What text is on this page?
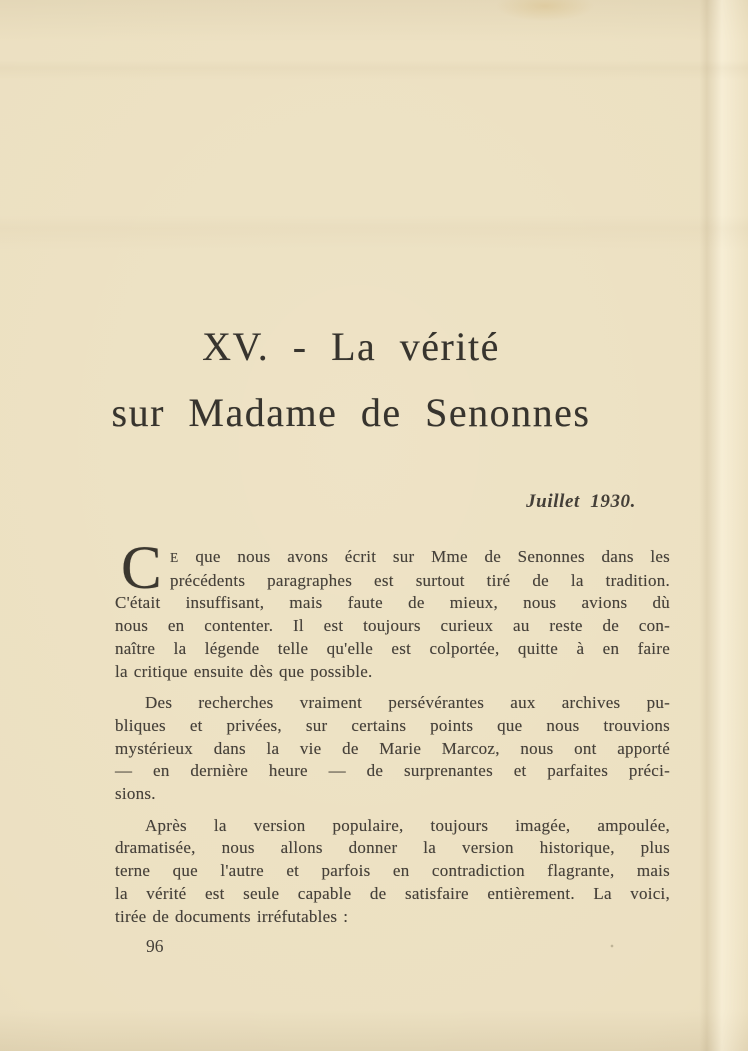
XV. - La vérité
sur Madame de Senonnes
Juillet 1930.

C E que nous avons écrit sur Mme de Senonnes dans les
précédents paragraphes est surtout tiré de la tradition.
C'était insuffisant, mais faute de mieux, nous avions dù
nous en contenter. Il est toujours curieux au reste de con-
naître la légende telle qu'elle est colportée, quitte à en faire
la critique ensuite dès que possible.

Des recherches vraiment persévérantes aux archives pu-
bliques et privées, sur certains points que nous trouvions
mystérieux dans la vie de Marie Marcoz, nous ont apporté
— en dernière heure — de surprenantes et parfaites préci-
sions.

Après la version populaire, toujours imagée, ampoulée,
dramatisée, nous allons donner la version historique, plus
terne que l'autre et parfois en contradiction flagrante, mais
la vérité est seule capable de satisfaire entièrement. La voici,
tirée de documents irréfutables :

96
